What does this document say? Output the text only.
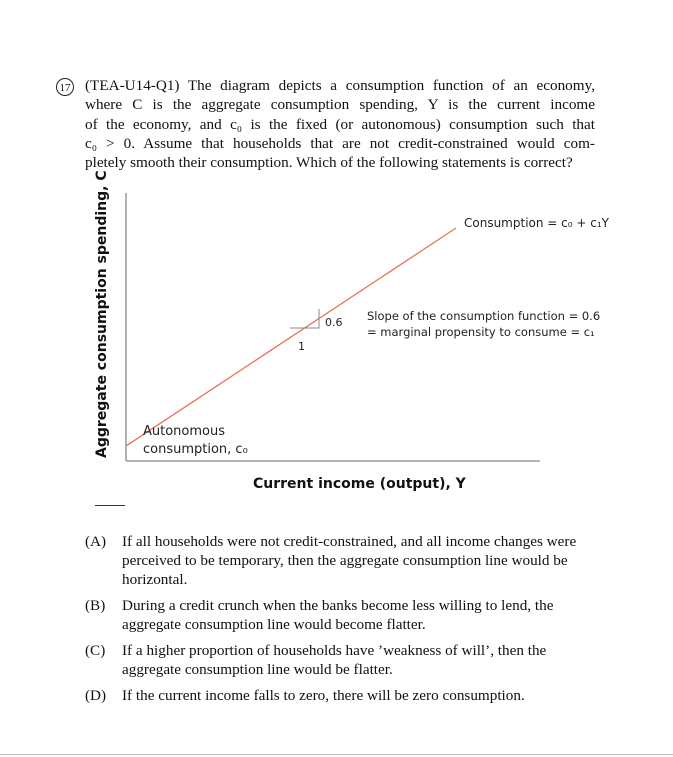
17 (TEA-U14-Q1) The diagram depicts a consumption function of an economy,
where C is the aggregate consumption spending, Y is the current income
of the economy, and c₀ is the fixed (or autonomous) consumption such that
c₀ > 0. Assume that households that are not credit-constrained would com-
pletely smooth their consumption. Which of the following statements is correct?
1
0.6 Slope of the consumption function = 0.6
= marginal propensity to consume = c₁
Consumption = c₀ + c₁Y
Autonomous
consumption, c₀
Current income (output), Y
Aggregate consumption spending, C
(A) If all households were not credit-constrained, and all income changes were perceived to be temporary, then the aggregate consumption line would be horizontal.
(B) During a credit crunch when the banks become less willing to lend, the aggregate consumption line would become flatter.
(C) If a higher proportion of households have ’weakness of will’, then the aggregate consumption line would be flatter.
(D) If the current income falls to zero, there will be zero consumption.
